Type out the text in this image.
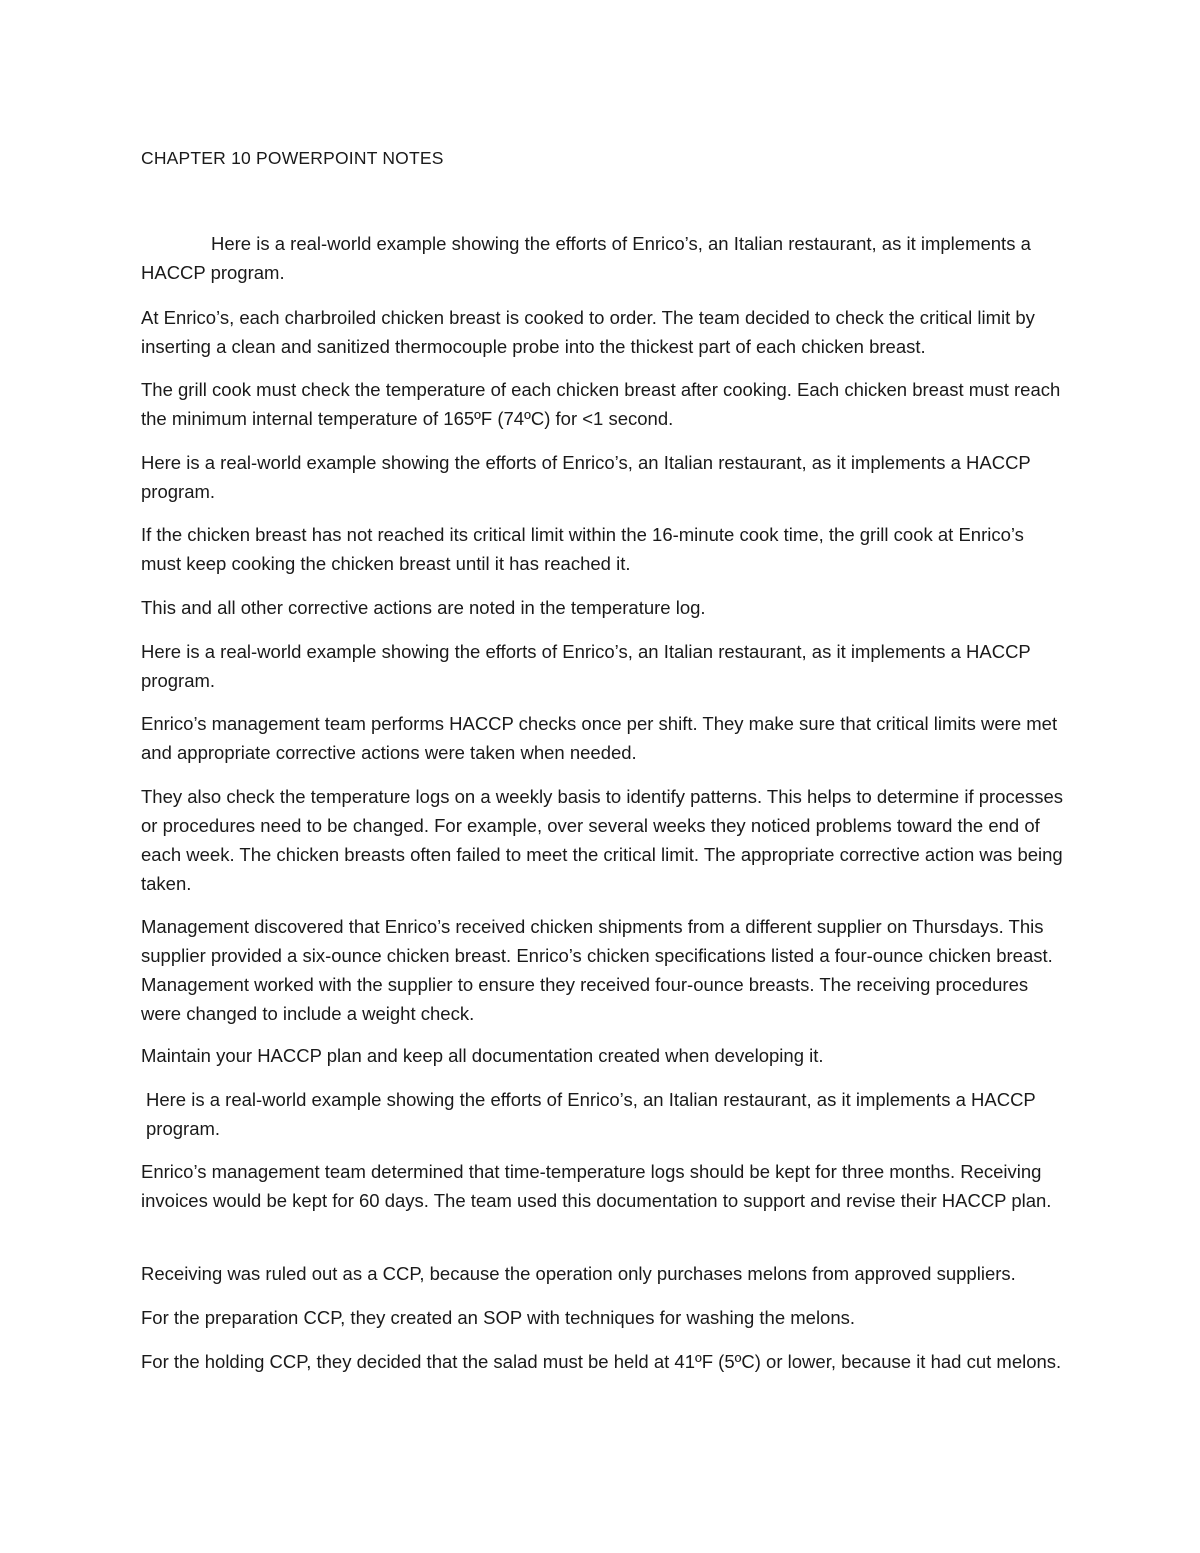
CHAPTER 10 POWERPOINT NOTES

Here is a real-world example showing the efforts of Enrico’s, an Italian restaurant, as it implements a HACCP program.

At Enrico’s, each charbroiled chicken breast is cooked to order. The team decided to check the critical limit by inserting a clean and sanitized thermocouple probe into the thickest part of each chicken breast.

The grill cook must check the temperature of each chicken breast after cooking. Each chicken breast must reach the minimum internal temperature of 165ºF (74ºC) for <1 second.

Here is a real-world example showing the efforts of Enrico’s, an Italian restaurant, as it implements a HACCP program.

If the chicken breast has not reached its critical limit within the 16-minute cook time, the grill cook at Enrico’s must keep cooking the chicken breast until it has reached it.

This and all other corrective actions are noted in the temperature log.

Here is a real-world example showing the efforts of Enrico’s, an Italian restaurant, as it implements a HACCP program.

Enrico’s management team performs HACCP checks once per shift. They make sure that critical limits were met and appropriate corrective actions were taken when needed.

They also check the temperature logs on a weekly basis to identify patterns. This helps to determine if processes or procedures need to be changed. For example, over several weeks they noticed problems toward the end of each week. The chicken breasts often failed to meet the critical limit. The appropriate corrective action was being taken.

Management discovered that Enrico’s received chicken shipments from a different supplier on Thursdays. This supplier provided a six-ounce chicken breast. Enrico’s chicken specifications listed a four-ounce chicken breast. Management worked with the supplier to ensure they received four-ounce breasts. The receiving procedures were changed to include a weight check.

Maintain your HACCP plan and keep all documentation created when developing it.

Here is a real-world example showing the efforts of Enrico’s, an Italian restaurant, as it implements a HACCP program.

Enrico’s management team determined that time-temperature logs should be kept for three months. Receiving invoices would be kept for 60 days. The team used this documentation to support and revise their HACCP plan.

Receiving was ruled out as a CCP, because the operation only purchases melons from approved suppliers.

For the preparation CCP, they created an SOP with techniques for washing the melons.

For the holding CCP, they decided that the salad must be held at 41ºF (5ºC) or lower, because it had cut melons.
